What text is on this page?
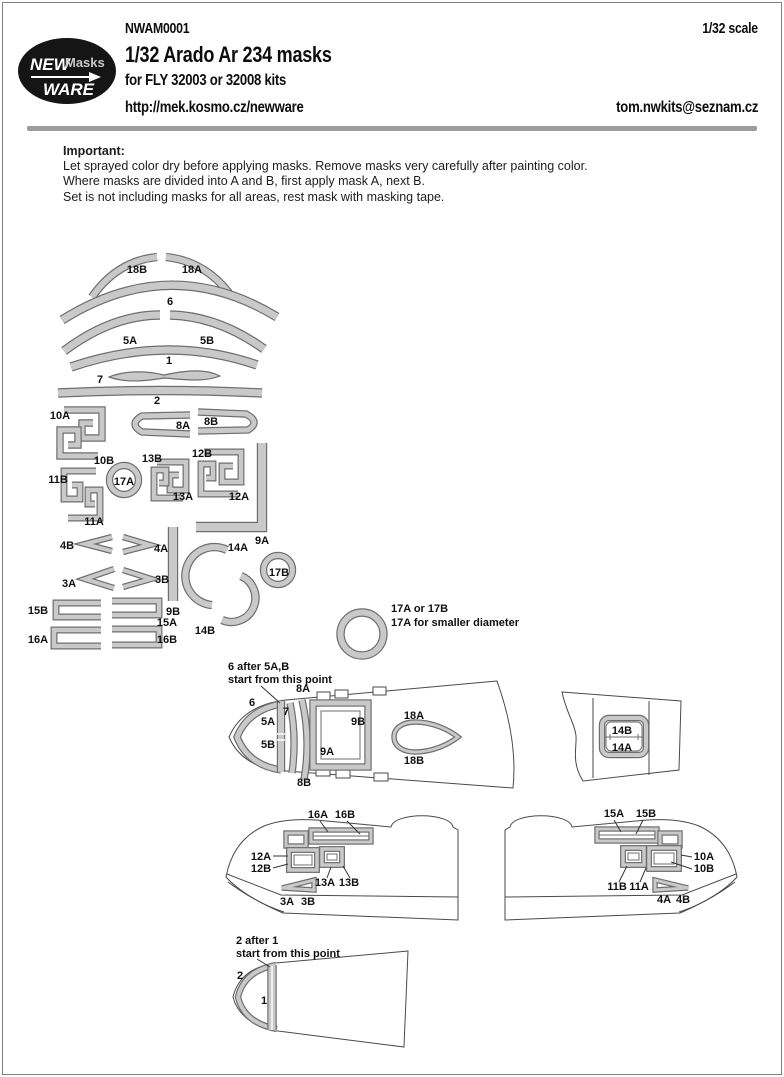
NEW
Masks
WARE
NWAM0001	1/32 scale
1/32 Arado Ar 234 masks
for FLY 32003 or 32008 kits
http://mek.kosmo.cz/newware	tom.nwkits@seznam.cz
Important:
Let sprayed color dry before applying masks. Remove masks very carefully after painting color.
Where masks are divided into A and B, first apply mask A, next B.
Set is not including masks for all areas, rest mask with masking tape.
18B	18A
6
5A	5B
1
7
2
10A
8A 8B
10B	13B	12B
11B	17A
13A	12A
11A
4B	4A	14A
9A
3A	3B
17B
15B	9B
15A
14B
16A	16B
17A or 17B
17A for smaller diameter
6 after 5A,B
start from this point
8A
6
5A
7
9B
5B
9A
18A
18B
8B
14B
14A
16A 16B
12A
12B
13A 13B
3A 3B
15A 15B
10A
10B
11B 11A
4A 4B
2 after 1
start from this point
2
1
